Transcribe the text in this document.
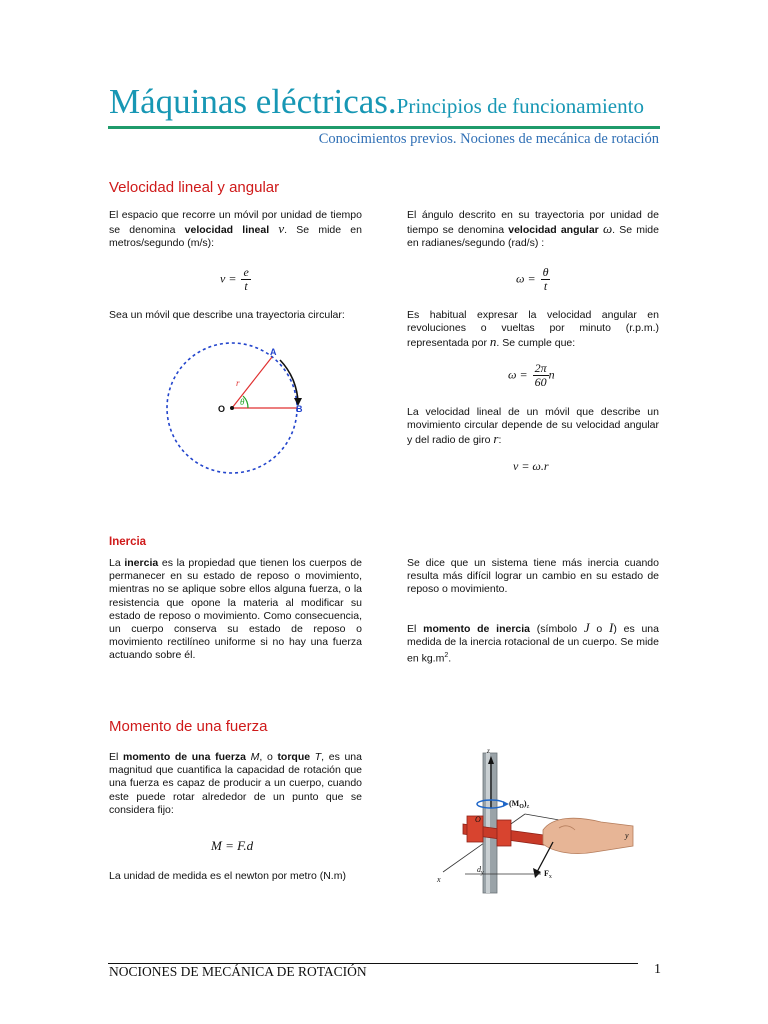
Máquinas eléctricas.Principios de funcionamiento
Conocimientos previos. Nociones de mecánica de rotación
Velocidad lineal y angular
El espacio que recorre un móvil por unidad de tiempo se denomina velocidad lineal v. Se mide en metros/segundo (m/s):
$v = \frac{e}{t}$
Sea un móvil que describe una trayectoria circular:
O
A
B
r
θ
El ángulo descrito en su trayectoria por unidad de tiempo se denomina velocidad angular ω. Se mide en radianes/segundo (rad/s) :
$\omega = \frac{\theta}{t}$
Es habitual expresar la velocidad angular en revoluciones o vueltas por minuto (r.p.m.) representada por n. Se cumple que:
$\omega = \frac{2\pi}{60}$ n
La velocidad lineal de un móvil que describe un movimiento circular depende de su velocidad angular y del radio de giro r:
v = ω.r
Inercia
La inercia es la propiedad que tienen los cuerpos de permanecer en su estado de reposo o movimiento, mientras no se aplique sobre ellos alguna fuerza, o la resistencia que opone la materia al modificar su estado de reposo o movimiento. Como consecuencia, un cuerpo conserva su estado de reposo o movimiento rectilíneo uniforme si no hay una fuerza actuando sobre él.
Se dice que un sistema tiene más inercia cuando resulta más difícil lograr un cambio en su estado de reposo o movimiento.
El momento de inercia (símbolo J o I) es una medida de la inercia rotacional de un cuerpo. Se mide en $kg.m^2$.
Momento de una fuerza
El momento de una fuerza M, o torque T, es una magnitud que cuantifica la capacidad de rotación que una fuerza es capaz de producir a un cuerpo, cuando este puede rotar alrededor de un punto que se considera fijo:
M = F.d
La unidad de medida es el newton por metro (N.m)
z
y
x
O
$(M_O)_z$
$d_y$	$F_x$
NOCIONES DE MECÁNICA DE ROTACIÓN	1
